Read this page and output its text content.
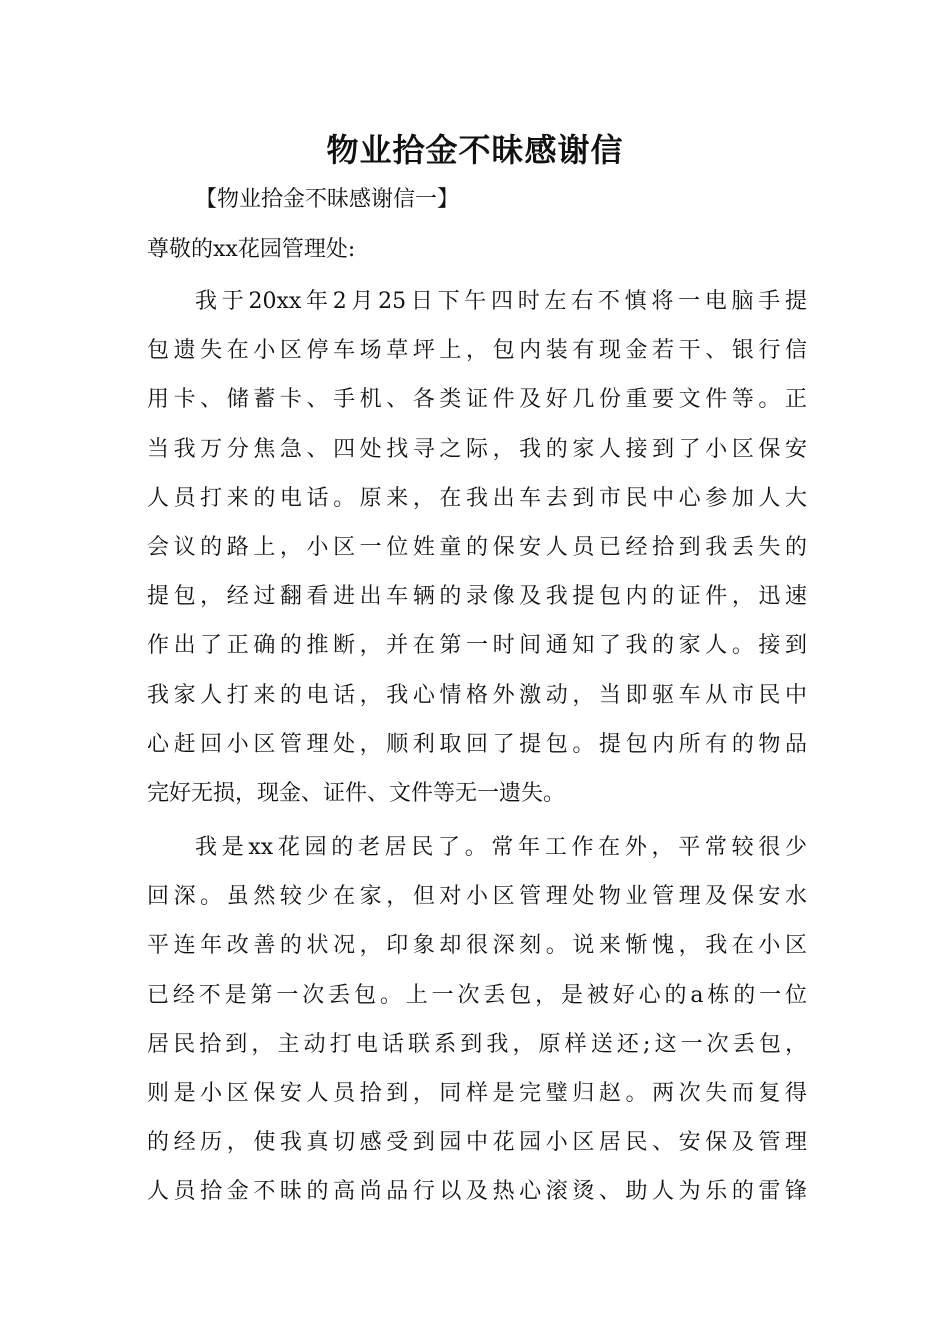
物业拾金不昧感谢信

【物业拾金不昧感谢信一】

尊敬的xx花园管理处:

我于20xx年2月25日下午四时左右不慎将一电脑手提
包遗失在小区停车场草坪上，包内装有现金若干、银行信
用卡、储蓄卡、手机、各类证件及好几份重要文件等。正
当我万分焦急、四处找寻之际，我的家人接到了小区保安
人员打来的电话。原来，在我出车去到市民中心参加人大
会议的路上，小区一位姓童的保安人员已经拾到我丢失的
提包，经过翻看进出车辆的录像及我提包内的证件，迅速
作出了正确的推断，并在第一时间通知了我的家人。接到
我家人打来的电话，我心情格外激动，当即驱车从市民中
心赶回小区管理处，顺利取回了提包。提包内所有的物品
完好无损，现金、证件、文件等无一遗失。
我是xx花园的老居民了。常年工作在外，平常较很少
回深。虽然较少在家，但对小区管理处物业管理及保安水
平连年改善的状况，印象却很深刻。说来惭愧，我在小区
已经不是第一次丢包。上一次丢包，是被好心的a栋的一位
居民拾到，主动打电话联系到我，原样送还;这一次丢包，
则是小区保安人员拾到，同样是完璧归赵。两次失而复得
的经历，使我真切感受到园中花园小区居民、安保及管理
人员拾金不昧的高尚品行以及热心滚烫、助人为乐的雷锋
